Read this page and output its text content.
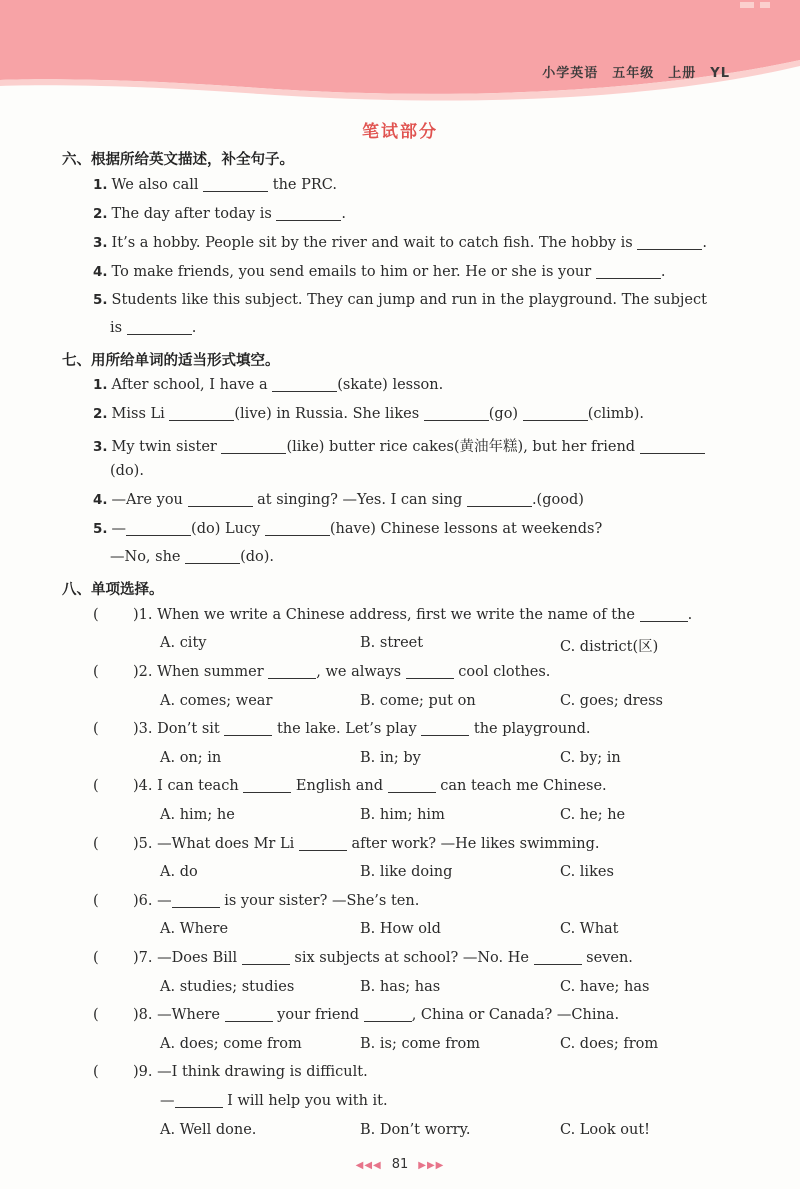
小学英语 五年级 上册 YL
笔试部分
六、根据所给英文描述，补全句子。
1. We also call	the PRC.
2. The day after today is	.
3. It’s a hobby. People sit by the river and wait to catch fish. The hobby is	.
4. To make friends, you send emails to him or her. He or she is your	.
5. Students like this subject. They can jump and run in the playground. The subject
is	.
七、用所给单词的适当形式填空。
1. After school, I have a	(skate) lesson.
2. Miss Li	(live) in Russia. She likes	(go)	(climb).
3. My twin sister	(like) butter rice cakes(黄油年糕), but her friend
(do).
4. —Are you	at singing? —Yes. I can sing	.(good)
5. —	(do) Lucy	(have) Chinese lessons at weekends?
—No, she	(do).
八、单项选择。
( )1. When we write a Chinese address, first we write the name of the	.
A. city	B. street	C. district(区)
( )2. When summer	, we always	cool clothes.
A. comes; wear	B. come; put on	C. goes; dress
( )3. Don’t sit	the lake. Let’s play	the playground.
A. on; in	B. in; by	C. by; in
( )4. I can teach	English and	can teach me Chinese.
A. him; he	B. him; him	C. he; he
( )5. —What does Mr Li	after work? —He likes swimming.
A. do	B. like doing	C. likes
( )6. —	is your sister? —She’s ten.
A. Where	B. How old	C. What
( )7. —Does Bill	six subjects at school? —No. He	seven.
A. studies; studies	B. has; has	C. have; has
( )8. —Where	your friend	, China or Canada? —China.
A. does; come from	B. is; come from	C. does; from
( )9. —I think drawing is difficult.
—	I will help you with it.
A. Well done.	B. Don’t worry.	C. Look out!
◀◀◀ 81 ▶▶▶
